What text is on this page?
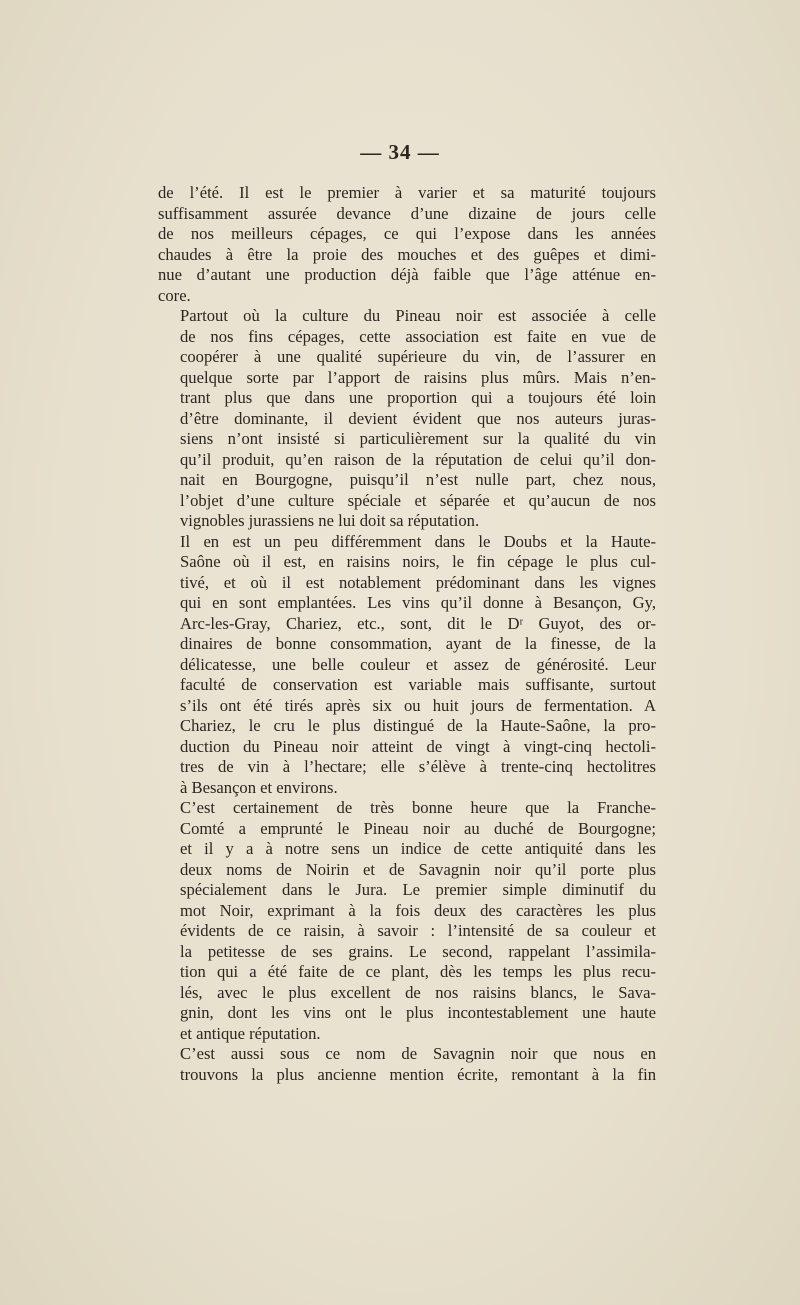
— 34 —
de l’été. Il est le premier à varier et sa maturité toujours
suffisamment assurée devance d’une dizaine de jours celle
de nos meilleurs cépages, ce qui l’expose dans les années
chaudes à être la proie des mouches et des guêpes et dimi-
nue d’autant une production déjà faible que l’âge atténue en-
core.
Partout où la culture du Pineau noir est associée à celle
de nos fins cépages, cette association est faite en vue de
coopérer à une qualité supérieure du vin, de l’assurer en
quelque sorte par l’apport de raisins plus mûrs. Mais n’en-
trant plus que dans une proportion qui a toujours été loin
d’être dominante, il devient évident que nos auteurs juras-
siens n’ont insisté si particulièrement sur la qualité du vin
qu’il produit, qu’en raison de la réputation de celui qu’il don-
nait en Bourgogne, puisqu’il n’est nulle part, chez nous,
l’objet d’une culture spéciale et séparée et qu’aucun de nos
vignobles jurassiens ne lui doit sa réputation.
Il en est un peu différemment dans le Doubs et la Haute-
Saône où il est, en raisins noirs, le fin cépage le plus cul-
tivé, et où il est notablement prédominant dans les vignes
qui en sont emplantées. Les vins qu’il donne à Besançon, Gy,
Arc-les-Gray, Chariez, etc., sont, dit le Dʳ Guyot, des or-
dinaires de bonne consommation, ayant de la finesse, de la
délicatesse, une belle couleur et assez de générosité. Leur
faculté de conservation est variable mais suffisante, surtout
s’ils ont été tirés après six ou huit jours de fermentation. A
Chariez, le cru le plus distingué de la Haute-Saône, la pro-
duction du Pineau noir atteint de vingt à vingt-cinq hectoli-
tres de vin à l’hectare; elle s’élève à trente-cinq hectolitres
à Besançon et environs.
C’est certainement de très bonne heure que la Franche-
Comté a emprunté le Pineau noir au duché de Bourgogne;
et il y a à notre sens un indice de cette antiquité dans les
deux noms de Noirin et de Savagnin noir qu’il porte plus
spécialement dans le Jura. Le premier simple diminutif du
mot Noir, exprimant à la fois deux des caractères les plus
évidents de ce raisin, à savoir : l’intensité de sa couleur et
la petitesse de ses grains. Le second, rappelant l’assimila-
tion qui a été faite de ce plant, dès les temps les plus recu-
lés, avec le plus excellent de nos raisins blancs, le Sava-
gnin, dont les vins ont le plus incontestablement une haute
et antique réputation.
C’est aussi sous ce nom de Savagnin noir que nous en
trouvons la plus ancienne mention écrite, remontant à la fin
